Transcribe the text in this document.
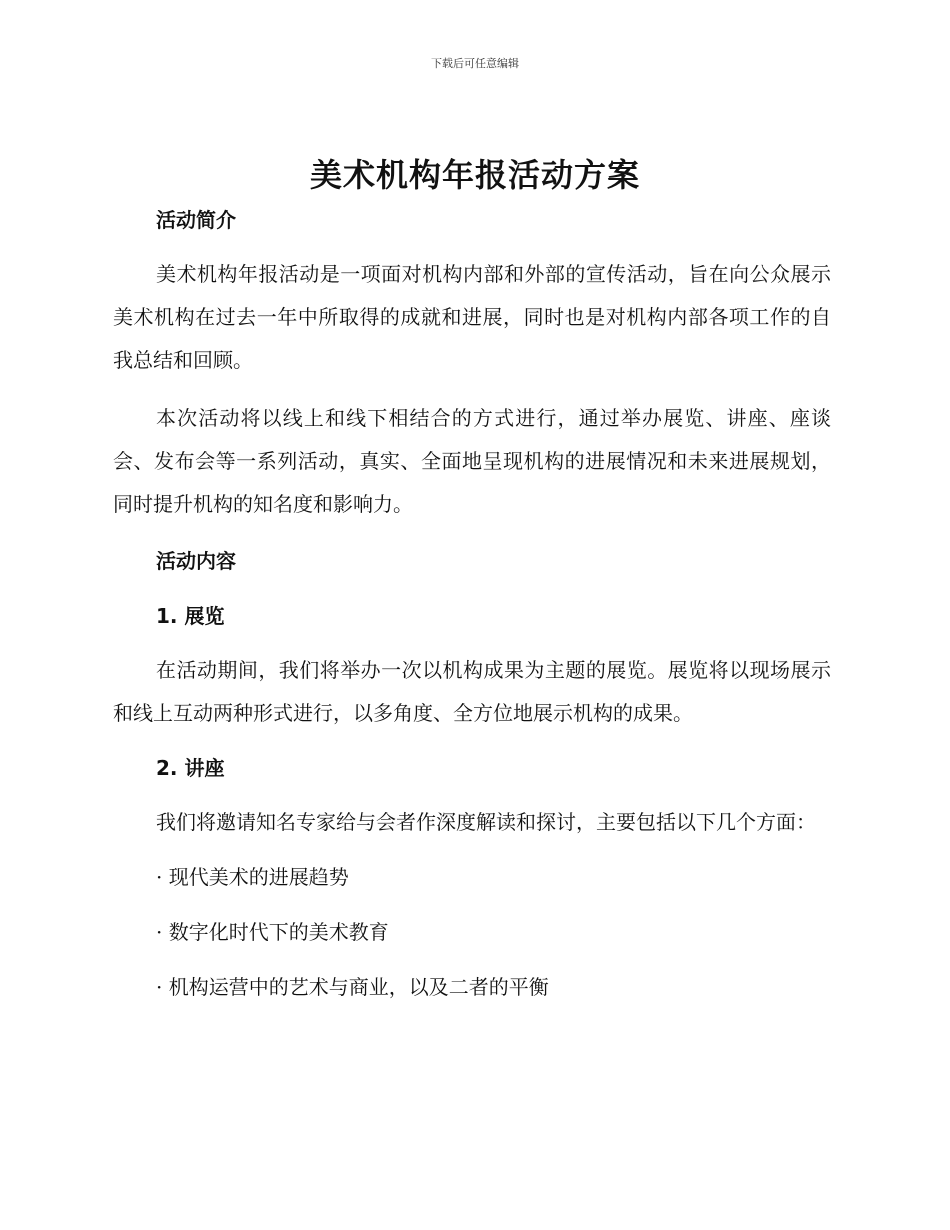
下载后可任意编辑
美术机构年报活动方案

活动简介

美术机构年报活动是一项面对机构内部和外部的宣传活动，旨在向公众展示美术机构在过去一年中所取得的成就和进展，同时也是对机构内部各项工作的自我总结和回顾。

本次活动将以线上和线下相结合的方式进行，通过举办展览、讲座、座谈会、发布会等一系列活动，真实、全面地呈现机构的进展情况和未来进展规划，同时提升机构的知名度和影响力。

活动内容

1. 展览

在活动期间，我们将举办一次以机构成果为主题的展览。展览将以现场展示和线上互动两种形式进行，以多角度、全方位地展示机构的成果。

2. 讲座

我们将邀请知名专家给与会者作深度解读和探讨，主要包括以下几个方面：

· 现代美术的进展趋势

· 数字化时代下的美术教育

· 机构运营中的艺术与商业，以及二者的平衡
